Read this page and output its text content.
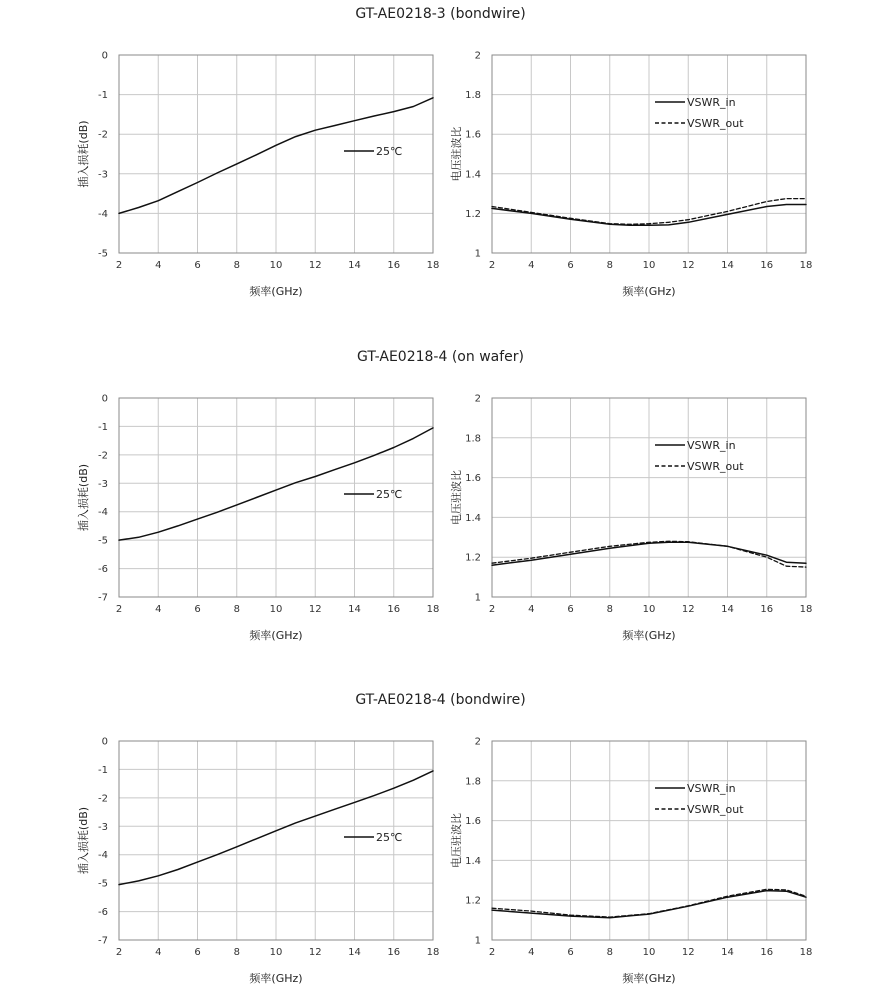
GT-AE0218-3 (bondwire)
GT-AE0218-4 (on wafer)
GT-AE0218-4 (bondwire)
2	4	6	8	10	12	14	16	18
0
-1
-2
-3
-4
-5
频率(GHz)
插入损耗(dB)	25℃
2	4	6	8	10	12	14	16	18
1
1.2
1.4
1.6
1.8
2
频率(GHz)
电压驻波比
VSWR_in
VSWR_out
2	4	6	8	10	12	14	16	18
0
-1
-2
-3
-4
-5
-6
-7
频率(GHz)
插入损耗(dB)	25℃
2	4	6	8	10	12	14	16	18
1
1.2
1.4
1.6
1.8
2
频率(GHz)
电压驻波比
VSWR_in
VSWR_out
2	4	6	8	10	12	14	16	18
0
-1
-2
-3
-4
-5
-6
-7
频率(GHz)
插入损耗(dB)	25℃
2	4	6	8	10	12	14	16	18
1
1.2
1.4
1.6
1.8
2
频率(GHz)
电压驻波比
VSWR_in
VSWR_out
